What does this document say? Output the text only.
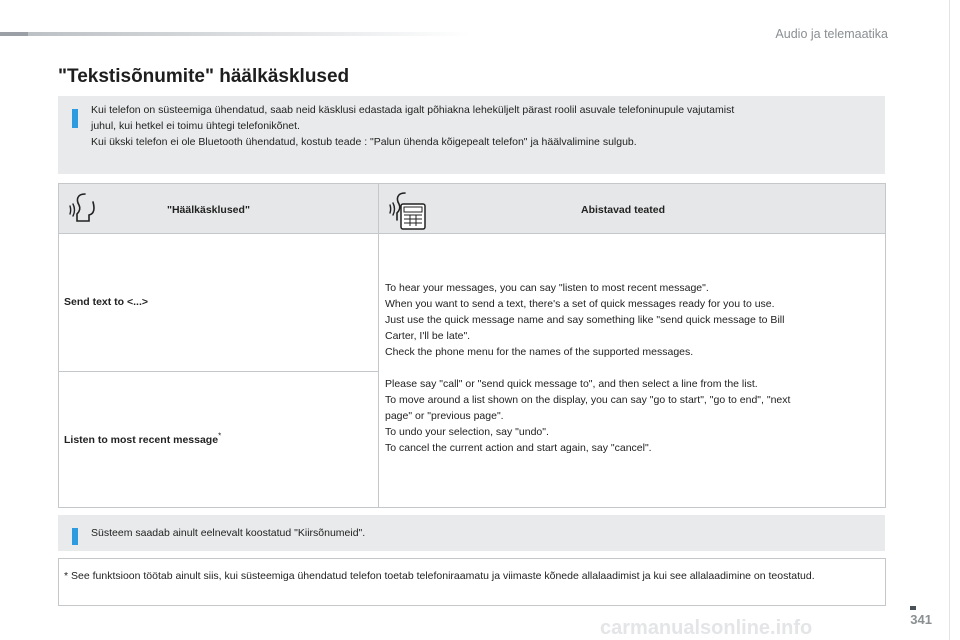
Audio ja telemaatika
"Tekstisõnumite" häälkäsklused

Kui telefon on süsteemiga ühendatud, saab neid käsklusi edastada igalt põhiakna leheküljelt pärast roolil asuvale telefoninupule vajutamist

juhul, kui hetkel ei toimu ühtegi telefonikõnet.

Kui ükski telefon ei ole Bluetooth ühendatud, kostub teade : "Palun ühenda kõigepealt telefon" ja häälvalimine sulgub.

"Häälkäsklused"	Abistavad teated
Send text to <...>
Listen to most recent message*

To hear your messages, you can say "listen to most recent message".

When you want to send a text, there's a set of quick messages ready for you to use.

Just use the quick message name and say something like "send quick message to Bill

Carter, I'll be late".

Check the phone menu for the names of the supported messages.

Please say "call" or "send quick message to", and then select a line from the list.

To move around a list shown on the display, you can say "go to start", "go to end", "next

page" or "previous page".

To undo your selection, say "undo".

To cancel the current action and start again, say "cancel".

Süsteem saadab ainult eelnevalt koostatud "Kiirsõnumeid".
* See funktsioon töötab ainult siis, kui süsteemiga ühendatud telefon toetab telefoniraamatu ja viimaste kõnede allalaadimist ja kui see allalaadimine on teostatud.
carmanualsonline.info	341
